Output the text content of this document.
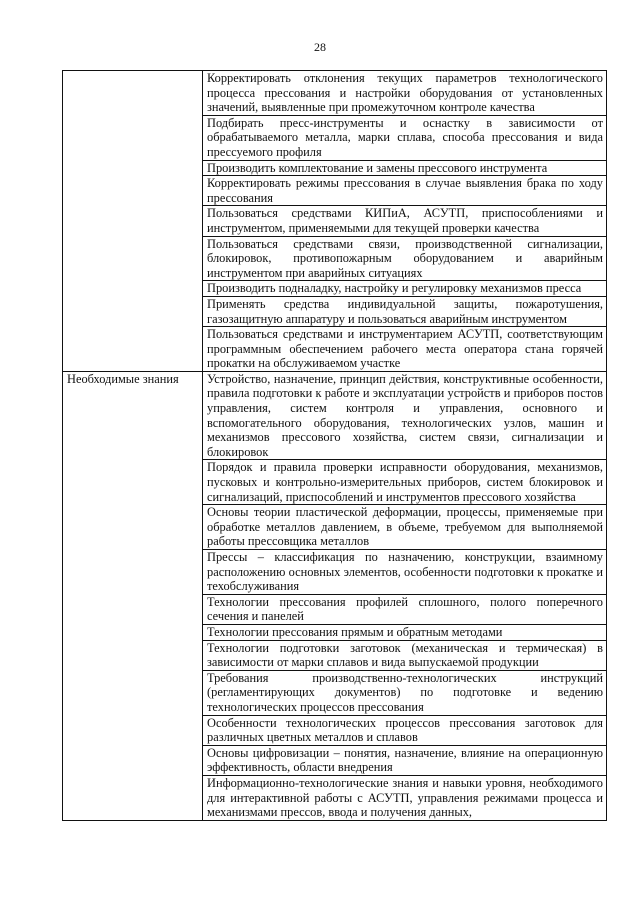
28
Корректировать отклонения текущих параметров технологического процесса прессования и настройки оборудования от установленных значений, выявленные при промежуточном контроле качества
Подбирать пресс-инструменты и оснастку в зависимости от обрабатываемого металла, марки сплава, способа прессования и вида прессуемого профиля
Производить комплектование и замены прессового инструмента
Корректировать режимы прессования в случае выявления брака по ходу прессования
Пользоваться средствами КИПиА, АСУТП, приспособлениями и инструментом, применяемыми для текущей проверки качества
Пользоваться средствами связи, производственной сигнализации, блокировок, противопожарным оборудованием и аварийным инструментом при аварийных ситуациях
Производить подналадку, настройку и регулировку механизмов пресса
Применять средства индивидуальной защиты, пожаротушения, газозащитную аппаратуру и пользоваться аварийным инструментом
Пользоваться средствами и инструментарием АСУТП, соответствующим программным обеспечением рабочего места оператора стана горячей прокатки на обслуживаемом участке
Необходимые знания	Устройство, назначение, принцип действия, конструктивные особенности, правила подготовки к работе и эксплуатации устройств и приборов постов управления, систем контроля и управления, основного и вспомогательного оборудования, технологических узлов, машин и механизмов прессового хозяйства, систем связи, сигнализации и блокировок
Порядок и правила проверки исправности оборудования, механизмов, пусковых и контрольно-измерительных приборов, систем блокировок и сигнализаций, приспособлений и инструментов прессового хозяйства
Основы теории пластической деформации, процессы, применяемые при обработке металлов давлением, в объеме, требуемом для выполняемой работы прессовщика металлов
Прессы – классификация по назначению, конструкции, взаимному расположению основных элементов, особенности подготовки к прокатке и техобслуживания
Технологии прессования профилей сплошного, полого поперечного сечения и панелей
Технологии прессования прямым и обратным методами
Технологии подготовки заготовок (механическая и термическая) в зависимости от марки сплавов и вида выпускаемой продукции
Требования производственно-технологических инструкций (регламентирующих документов) по подготовке и ведению технологических процессов прессования
Особенности технологических процессов прессования заготовок для различных цветных металлов и сплавов
Основы цифровизации – понятия, назначение, влияние на операционную эффективность, области внедрения
Информационно-технологические знания и навыки уровня, необходимого для интерактивной работы с АСУТП, управления режимами процесса и механизмами прессов, ввода и получения данных,
